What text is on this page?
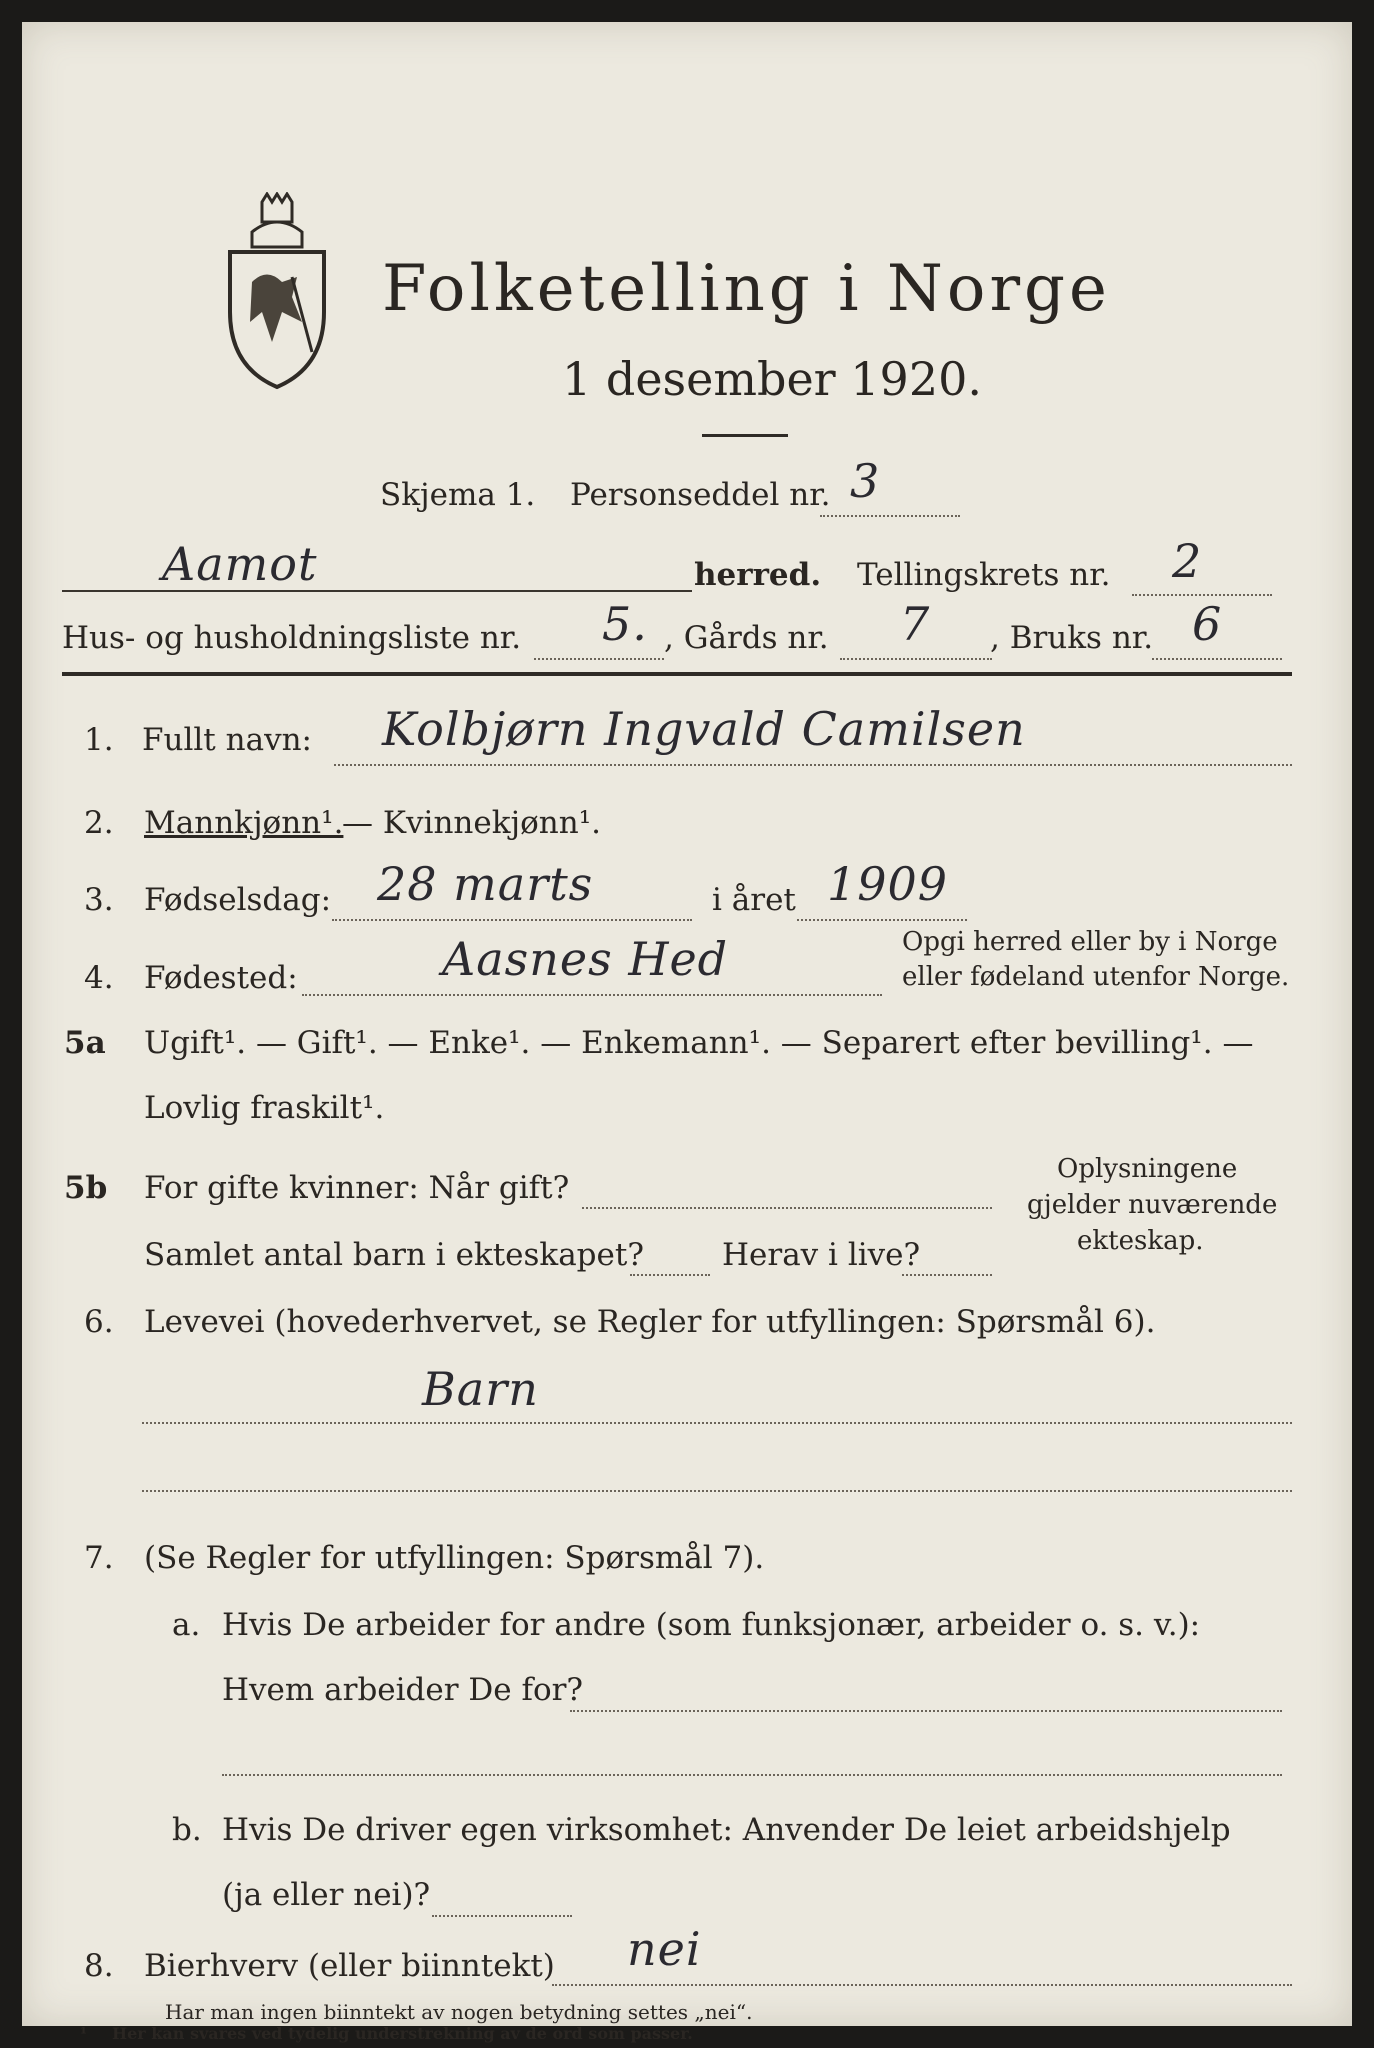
Folketelling i Norge
1 desember 1920.
Skjema 1. Personseddel nr. 3
Aamot	herred. Tellingskrets nr. 2
Hus- og husholdningsliste nr. 5. , Gårds nr. 7 , Bruks nr. 6
1. Fullt navn: Kolbjørn Ingvald Camilsen
2. Mannkjønn¹.
— Kvinnekjønn¹.
3. Fødselsdag: 28 marts	i året 1909
4. Fødested:	Aasnes Hed	Opgi herred eller by i Norge
eller fødeland utenfor Norge.
5a Ugift¹. — Gift¹. — Enke¹. — Enkemann¹. — Separert efter bevilling¹. —
Lovlig fraskilt¹.
5b For gifte kvinner: Når gift?
Samlet antal barn i ekteskapet?	Herav i live?
Oplysningene
gjelder nuværende
ekteskap.
6. Levevei (hovederhvervet, se Regler for utfyllingen: Spørsmål 6).
Barn
7. (Se Regler for utfyllingen: Spørsmål 7).
a. Hvis De arbeider for andre (som funksjonær, arbeider o. s. v.):
Hvem arbeider De for?
b. Hvis De driver egen virksomhet: Anvender De leiet arbeidshjelp
(ja eller nei)?
8. Bierhverv (eller biinntekt) nei
Har man ingen biinntekt av nogen betydning settes „nei“.
¹ Her kan svares ved tydelig understrekning av de ord som passer.
